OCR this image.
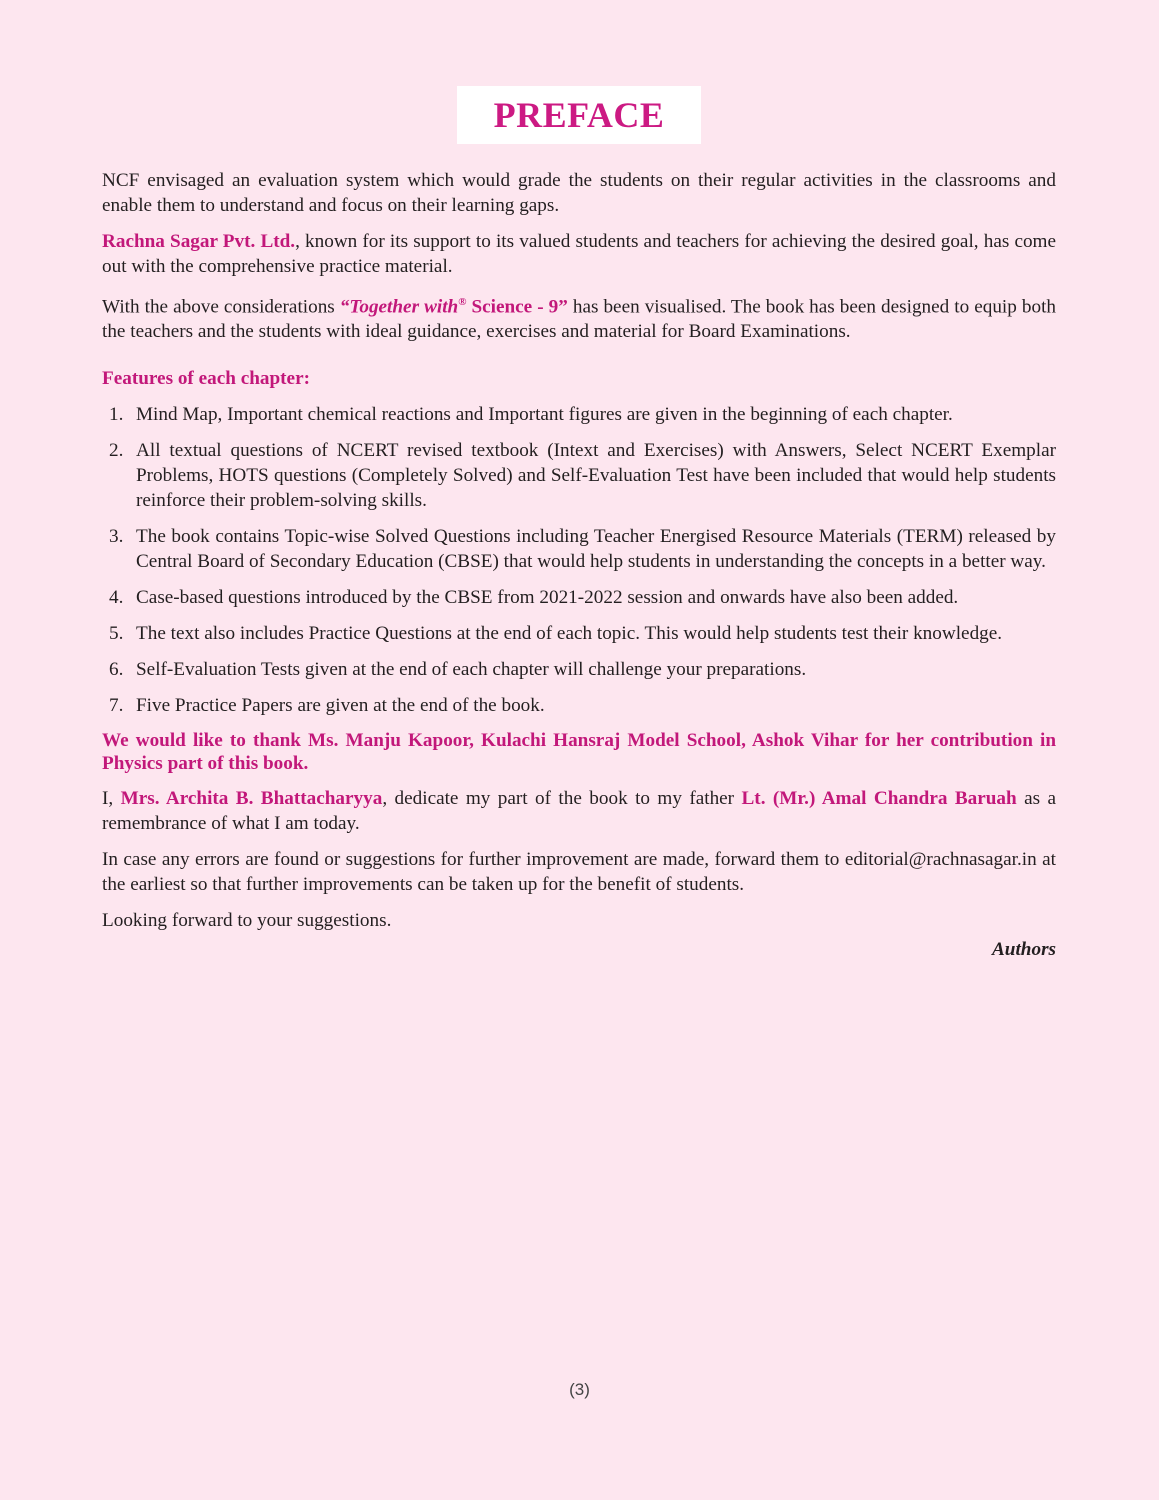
PREFACE

NCF envisaged an evaluation system which would grade the students on their regular activities in the classrooms and enable them to understand and focus on their learning gaps.

Rachna Sagar Pvt. Ltd., known for its support to its valued students and teachers for achieving the desired goal, has come out with the comprehensive practice material.

With the above considerations “Together with® Science - 9” has been visualised. The book has been designed to equip both the teachers and the students with ideal guidance, exercises and material for Board Examinations.

Features of each chapter:
1. Mind Map, Important chemical reactions and Important figures are given in the beginning of each chapter.
2. All textual questions of NCERT revised textbook (Intext and Exercises) with Answers, Select NCERT Exemplar Problems, HOTS questions (Completely Solved) and Self-Evaluation Test have been included that would help students reinforce their problem-solving skills.
3. The book contains Topic-wise Solved Questions including Teacher Energised Resource Materials (TERM) released by Central Board of Secondary Education (CBSE) that would help students in understanding the concepts in a better way.
4. Case-based questions introduced by the CBSE from 2021-2022 session and onwards have also been added.
5. The text also includes Practice Questions at the end of each topic. This would help students test their knowledge.
6. Self-Evaluation Tests given at the end of each chapter will challenge your preparations.
7. Five Practice Papers are given at the end of the book.

We would like to thank Ms. Manju Kapoor, Kulachi Hansraj Model School, Ashok Vihar for her contribution in Physics part of this book.

I, Mrs. Archita B. Bhattacharyya, dedicate my part of the book to my father Lt. (Mr.) Amal Chandra Baruah as a remembrance of what I am today.

In case any errors are found or suggestions for further improvement are made, forward them to editorial@rachnasagar.in at the earliest so that further improvements can be taken up for the benefit of students.

Looking forward to your suggestions.

Authors
(3)
